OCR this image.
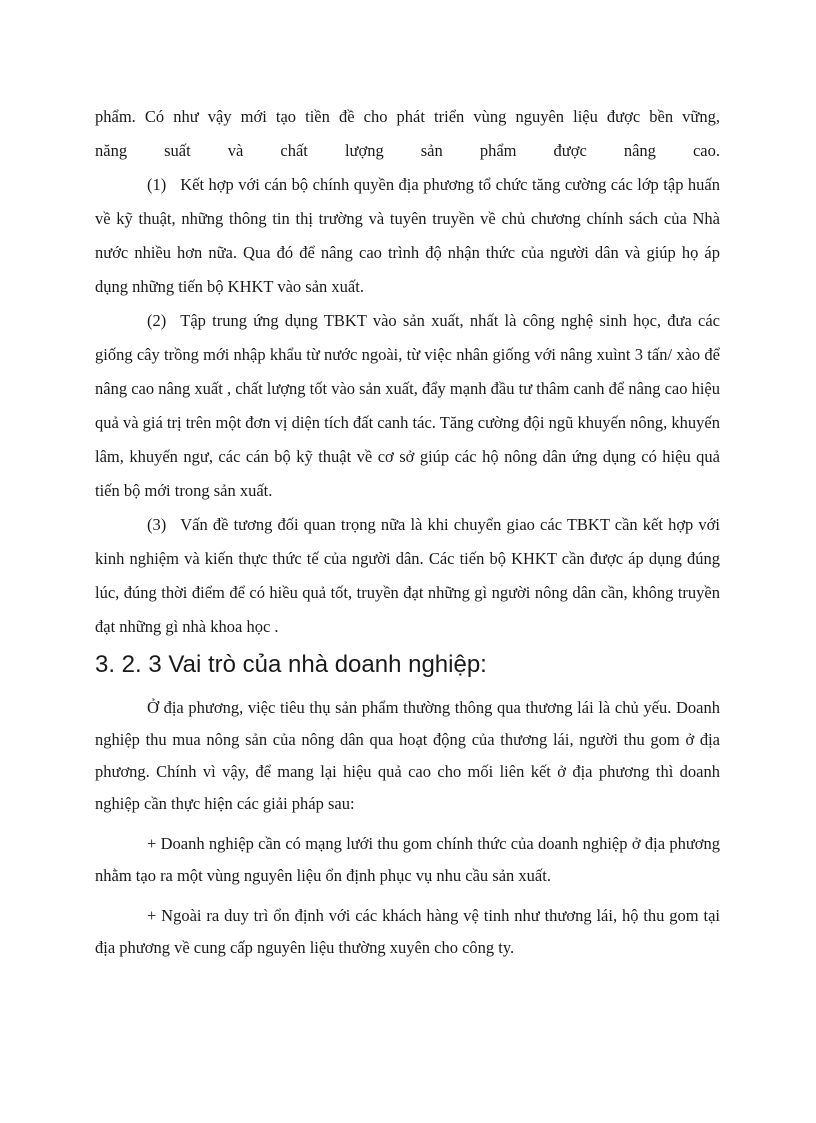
phẩm. Có như vậy mới tạo tiền đề cho phát triển vùng nguyên liệu được bền vững,

năng suất và chất lượng sản phẩm được nâng cao.

(1) Kết hợp với cán bộ chính quyền địa phương tổ chức tăng cường các lớp tập huấn về kỹ thuật, những thông tin thị trường và tuyên truyền về chủ chương chính sách của Nhà nước nhiều hơn nữa. Qua đó để nâng cao trình độ nhận thức của người dân và giúp họ áp dụng những tiến bộ KHKT vào sản xuất.

(2) Tập trung ứng dụng TBKT vào sản xuất, nhất là công nghệ sinh học, đưa các giống cây trồng mới nhập khẩu từ nước ngoài, từ việc nhân giống với nâng xuìnt 3 tấn/ xào để nâng cao nâng xuất , chất lượng tốt vào sản xuất, đẩy mạnh đầu tư thâm canh để nâng cao hiệu quả và giá trị trên một đơn vị diện tích đất canh tác. Tăng cường đội ngũ khuyến nông, khuyến lâm, khuyến ngư, các cán bộ kỹ thuật về cơ sở giúp các hộ nông dân ứng dụng có hiệu quả tiến bộ mới trong sản xuất.

(3) Vấn đề tương đối quan trọng nữa là khi chuyển giao các TBKT cần kết hợp với kinh nghiệm và kiến thực thức tế của người dân. Các tiến bộ KHKT cần được áp dụng đúng lúc, đúng thời điểm để có hiều quả tốt, truyền đạt những gì người nông dân cần, không truyền đạt những gì nhà khoa học .

3. 2. 3 Vai trò của nhà doanh nghiệp:

Ở địa phương, việc tiêu thụ sản phẩm thường thông qua thương lái là chủ yếu. Doanh nghiệp thu mua nông sản của nông dân qua hoạt động của thương lái, người thu gom ở địa phương. Chính vì vậy, để mang lại hiệu quả cao cho mối liên kết ở địa phương thì doanh nghiệp cần thực hiện các giải pháp sau:

+ Doanh nghiệp cần có mạng lưới thu gom chính thức của doanh nghiệp ở địa phương nhằm tạo ra một vùng nguyên liệu ổn định phục vụ nhu cầu sản xuất.

+ Ngoài ra duy trì ổn định với các khách hàng vệ tinh như thương lái, hộ thu gom tại địa phương về cung cấp nguyên liệu thường xuyên cho công ty.
